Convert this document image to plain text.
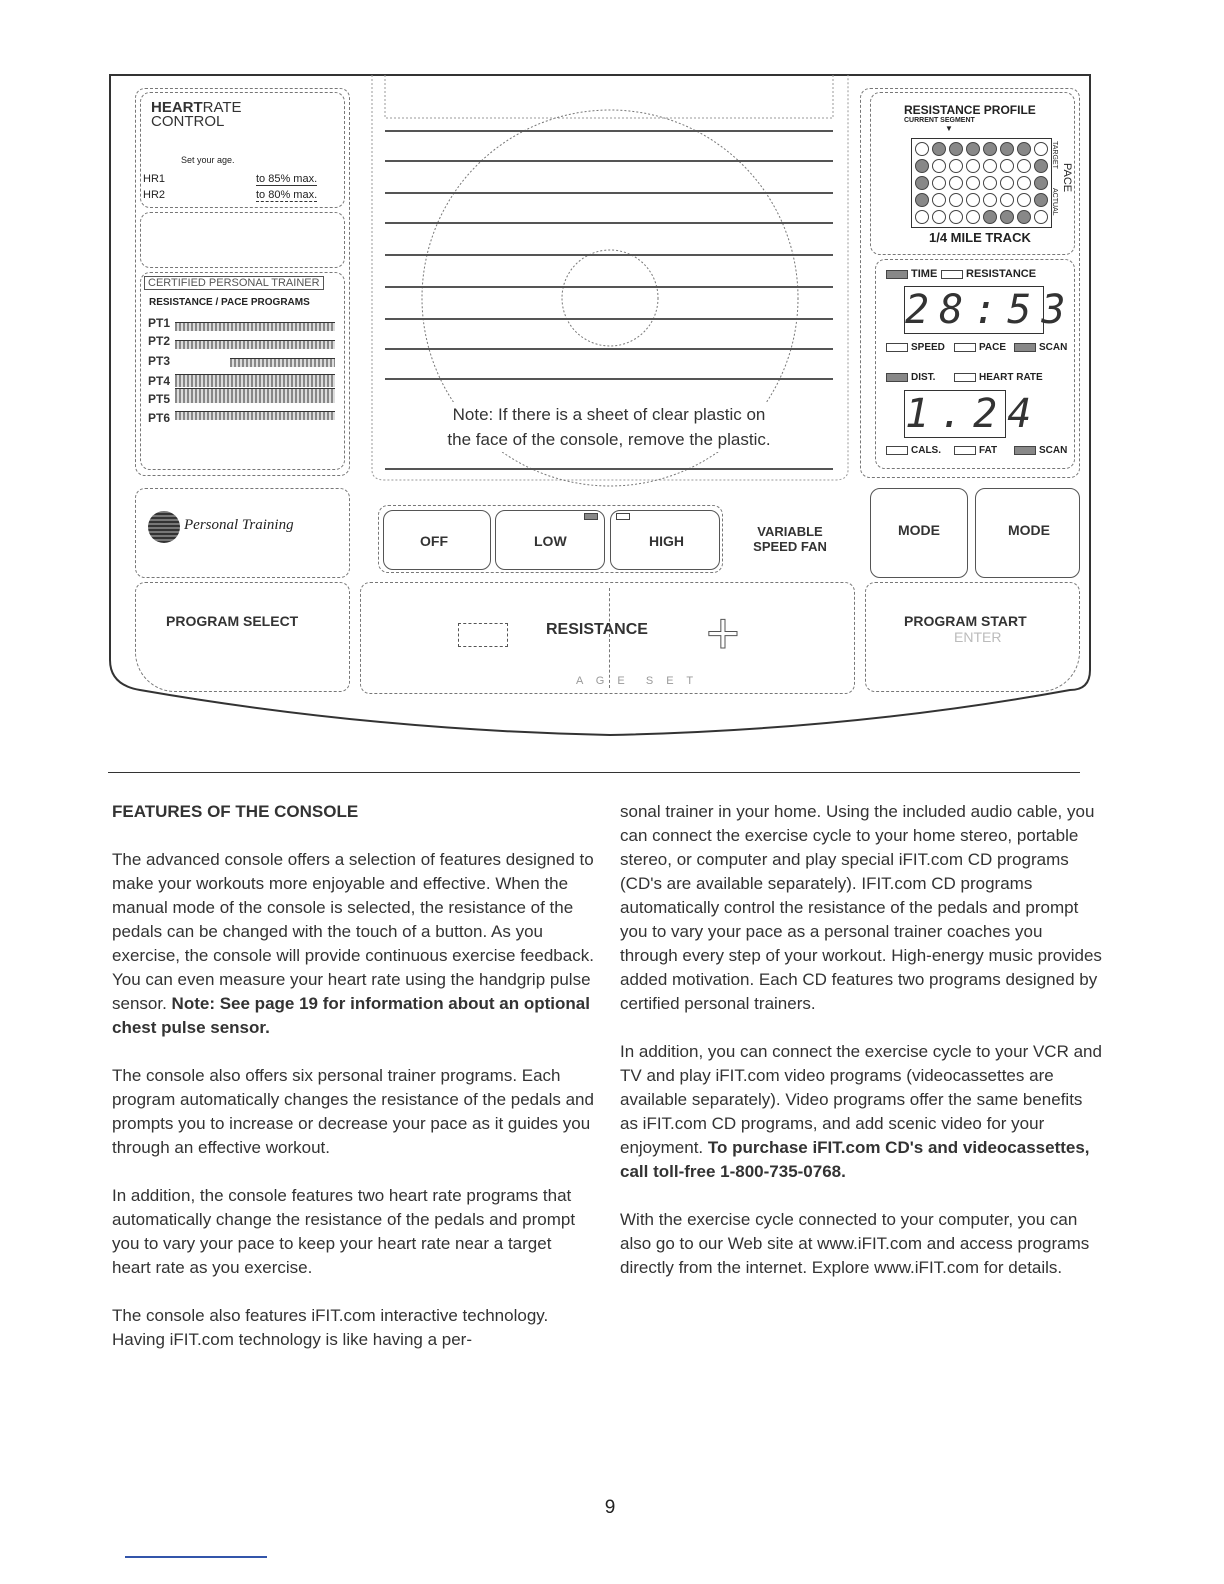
Note: If there is a sheet of clear plastic on
the face of the console, remove the plastic.
HEARTRATE
CONTROL
Set your age.
HR1	to 85% max.
HR2	to 80% max.
CERTIFIED PERSONAL TRAINER
RESISTANCE / PACE PROGRAMS
PT1
PT2
PT3
PT4
PT5
PT6
RESISTANCE PROFILE
CURRENT SEGMENT
▼
TARGET
ACTUAL
PACE
1/4 MILE TRACK
TIME	RESISTANCE
28:53
SPEED	PACE	SCAN
DIST.	HEART RATE
1.24
CALS.	FAT	SCAN
Personal Training
OFF	LOW	HIGH
VARIABLE SPEED FAN
MODE	MODE
PROGRAM SELECT	RESISTANCE +
A G E  S E T
PROGRAM START
ENTER
FEATURES OF THE CONSOLE

The advanced console offers a selection of features designed to make your workouts more enjoyable and effective. When the manual mode of the console is selected, the resistance of the pedals can be changed with the touch of a button. As you exercise, the console will provide continuous exercise feedback. You can even measure your heart rate using the handgrip pulse sensor. Note: See page 19 for information about an optional chest pulse sensor.

The console also offers six personal trainer programs. Each program automatically changes the resistance of the pedals and prompts you to increase or decrease your pace as it guides you through an effective workout.

In addition, the console features two heart rate programs that automatically change the resistance of the pedals and prompt you to vary your pace to keep your heart rate near a target heart rate as you exercise.

The console also features iFIT.com interactive technology. Having iFIT.com technology is like having a per-

sonal trainer in your home. Using the included audio cable, you can connect the exercise cycle to your home stereo, portable stereo, or computer and play special iFIT.com CD programs (CD's are available separately). IFIT.com CD programs automatically control the resistance of the pedals and prompt you to vary your pace as a personal trainer coaches you through every step of your workout. High-energy music provides added motivation. Each CD features two programs designed by certified personal trainers.

In addition, you can connect the exercise cycle to your VCR and TV and play iFIT.com video programs (videocassettes are available separately). Video programs offer the same benefits as iFIT.com CD programs, and add scenic video for your enjoyment. To purchase iFIT.com CD's and videocassettes, call toll-free 1-800-735-0768.

With the exercise cycle connected to your computer, you can also go to our Web site at www.iFIT.com and access programs directly from the internet. Explore www.iFIT.com for details.

9
